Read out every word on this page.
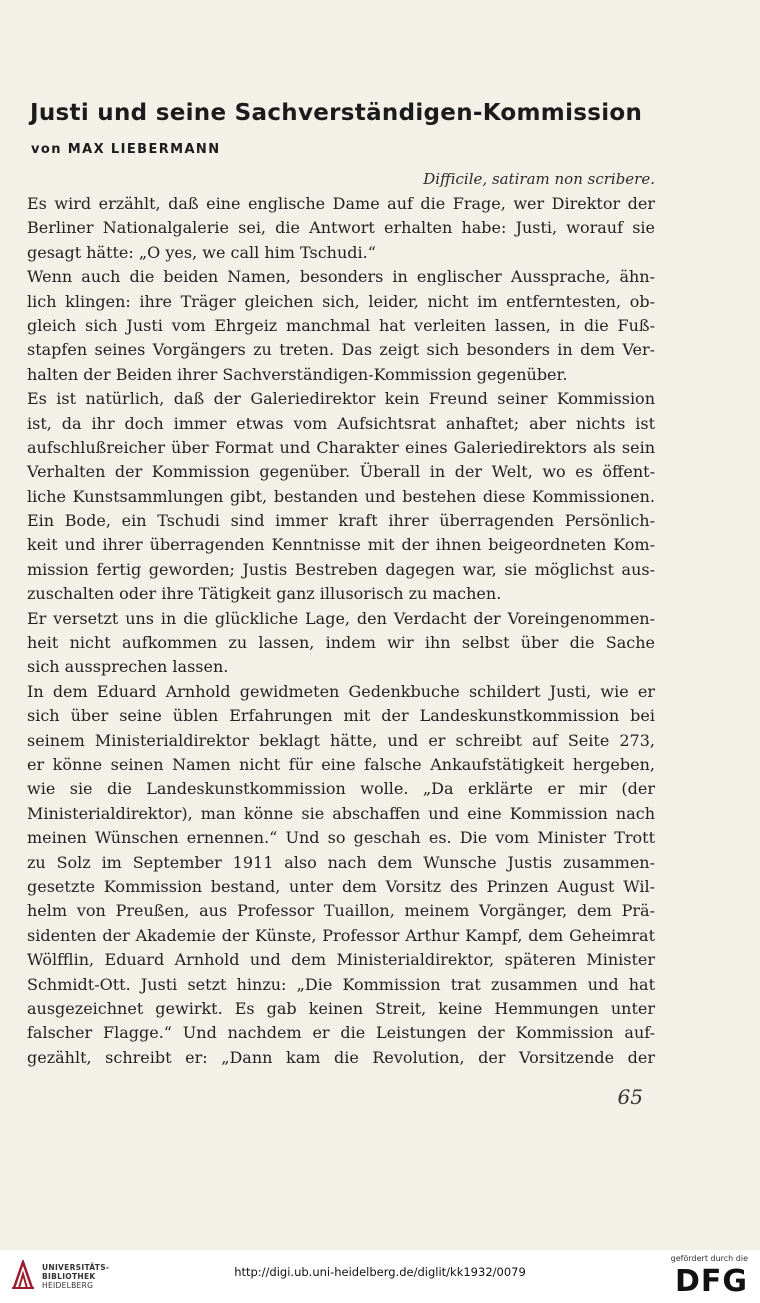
Justi und seine Sachverständigen-Kommission
von MAX LIEBERMANN
Difficile, satiram non scribere.
Es wird erzählt, daß eine englische Dame auf die Frage, wer Direktor der
Berliner Nationalgalerie sei, die Antwort erhalten habe: Justi, worauf sie
gesagt hätte: „O yes, we call him Tschudi.“
Wenn auch die beiden Namen, besonders in englischer Aussprache, ähn-
lich klingen: ihre Träger gleichen sich, leider, nicht im entferntesten, ob-
gleich sich Justi vom Ehrgeiz manchmal hat verleiten lassen, in die Fuß-
stapfen seines Vorgängers zu treten. Das zeigt sich besonders in dem Ver-
halten der Beiden ihrer Sachverständigen-Kommission gegenüber.
Es ist natürlich, daß der Galeriedirektor kein Freund seiner Kommission
ist, da ihr doch immer etwas vom Aufsichtsrat anhaftet; aber nichts ist
aufschlußreicher über Format und Charakter eines Galeriedirektors als sein
Verhalten der Kommission gegenüber. Überall in der Welt, wo es öffent-
liche Kunstsammlungen gibt, bestanden und bestehen diese Kommissionen.
Ein Bode, ein Tschudi sind immer kraft ihrer überragenden Persönlich-
keit und ihrer überragenden Kenntnisse mit der ihnen beigeordneten Kom-
mission fertig geworden; Justis Bestreben dagegen war, sie möglichst aus-
zuschalten oder ihre Tätigkeit ganz illusorisch zu machen.
Er versetzt uns in die glückliche Lage, den Verdacht der Voreingenommen-
heit nicht aufkommen zu lassen, indem wir ihn selbst über die Sache
sich aussprechen lassen.
In dem Eduard Arnhold gewidmeten Gedenkbuche schildert Justi, wie er
sich über seine üblen Erfahrungen mit der Landeskunstkommission bei
seinem Ministerialdirektor beklagt hätte, und er schreibt auf Seite 273,
er könne seinen Namen nicht für eine falsche Ankaufstätigkeit hergeben,
wie sie die Landeskunstkommission wolle. „Da erklärte er mir (der
Ministerialdirektor), man könne sie abschaffen und eine Kommission nach
meinen Wünschen ernennen.“ Und so geschah es. Die vom Minister Trott
zu Solz im September 1911 also nach dem Wunsche Justis zusammen-
gesetzte Kommission bestand, unter dem Vorsitz des Prinzen August Wil-
helm von Preußen, aus Professor Tuaillon, meinem Vorgänger, dem Prä-
sidenten der Akademie der Künste, Professor Arthur Kampf, dem Geheimrat
Wölfflin, Eduard Arnhold und dem Ministerialdirektor, späteren Minister
Schmidt-Ott. Justi setzt hinzu: „Die Kommission trat zusammen und hat
ausgezeichnet gewirkt. Es gab keinen Streit, keine Hemmungen unter
falscher Flagge.“ Und nachdem er die Leistungen der Kommission auf-
gezählt, schreibt er: „Dann kam die Revolution, der Vorsitzende der
65
UNIVERSITÄTS-
BIBLIOTHEK
HEIDELBERG
http://digi.ub.uni-heidelberg.de/diglit/kk1932/0079
gefördert durch die
DFG
